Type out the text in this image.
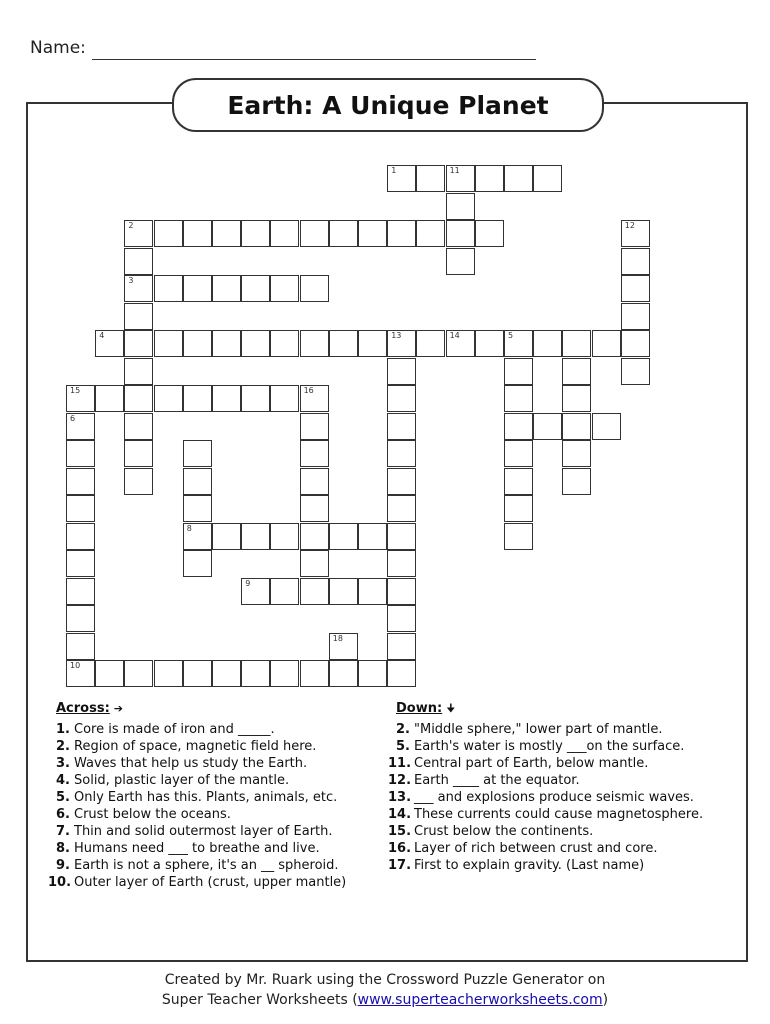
Name:
Earth: A Unique Planet
1	11
2
3
4	13	14	5
12
15
6
10
8
16
9
18
Across: ➔
1. Core is made of iron and _____.
2. Region of space, magnetic field here.
3. Waves that help us study the Earth.
4. Solid, plastic layer of the mantle.
5. Only Earth has this. Plants, animals, etc.
6. Crust below the oceans.
7. Thin and solid outermost layer of Earth.
8. Humans need ___ to breathe and live.
9. Earth is not a sphere, it's an __ spheroid.
10. Outer layer of Earth (crust, upper mantle)
Down: 🠋
2. "Middle sphere," lower part of mantle.
5. Earth's water is mostly ___on the surface.
11. Central part of Earth, below mantle.
12. Earth ____ at the equator.
13. ___ and explosions produce seismic waves.
14. These currents could cause magnetosphere.
15. Crust below the continents.
16. Layer of rich between crust and core.
17. First to explain gravity. (Last name)
Created by Mr. Ruark using the Crossword Puzzle Generator on
Super Teacher Worksheets (www.superteacherworksheets.com)
